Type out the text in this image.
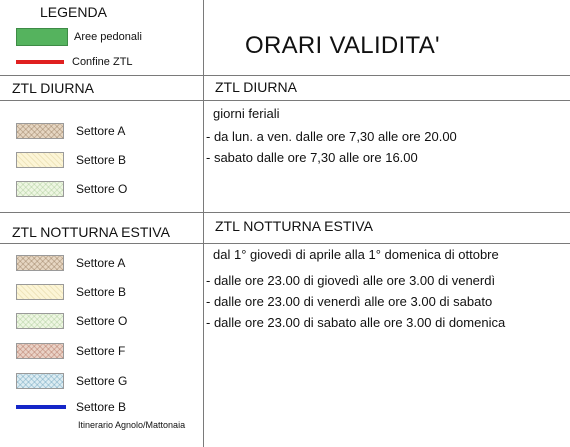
LEGENDA
Aree pedonali
Confine ZTL
ORARI VALIDITA'
ZTL DIURNA	ZTL DIURNA
Settore A
Settore B
Settore O
giorni feriali
- da lun. a ven. dalle ore 7,30 alle ore 20.00
- sabato dalle ore 7,30 alle ore 16.00
ZTL NOTTURNA ESTIVA	ZTL NOTTURNA ESTIVA
Settore A
Settore B
Settore O
Settore F
Settore G
Settore B
Itinerario Agnolo/Mattonaia
dal 1° giovedì di aprile alla 1° domenica di ottobre
- dalle ore 23.00 di giovedì alle ore 3.00 di venerdì
- dalle ore 23.00 di venerdì alle ore 3.00 di sabato
- dalle ore 23.00 di sabato alle ore 3.00 di domenica
